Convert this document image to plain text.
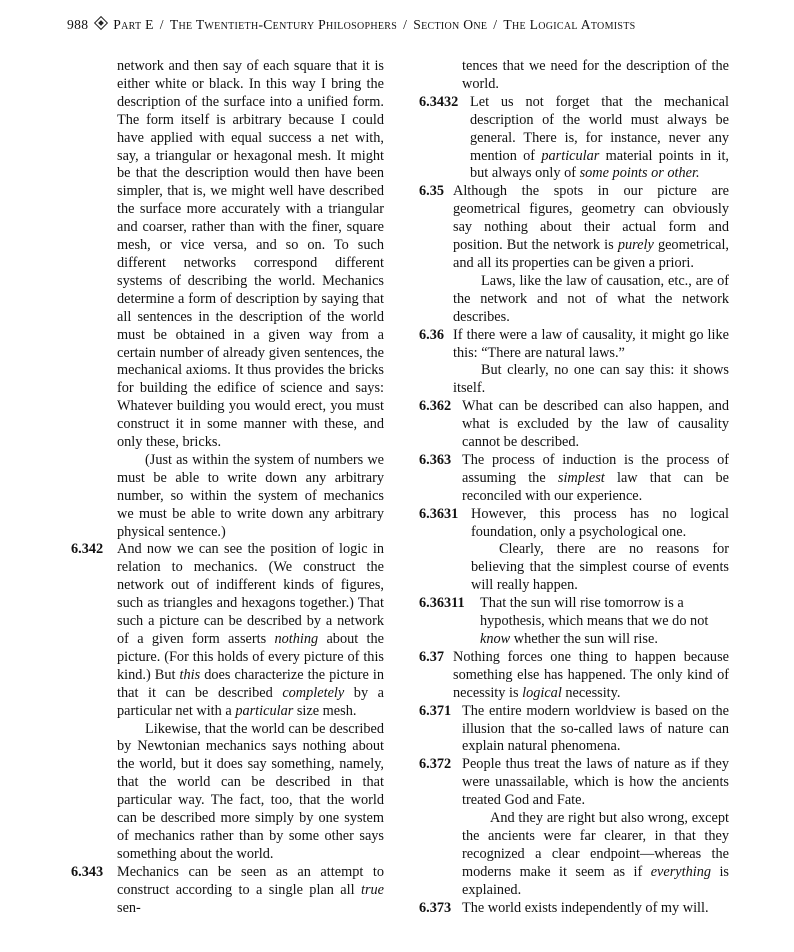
988 Part E / The Twentieth-Century Philosophers / Section One / The Logical Atomists

network and then say of each square that it is either white or black. In this way I bring the description of the surface into a unified form. The form itself is arbitrary because I could have applied with equal success a net with, say, a triangular or hexagonal mesh. It might be that the description would then have been simpler, that is, we might well have described the surface more accurately with a triangular and coarser, rather than with the finer, square mesh, or vice versa, and so on. To such different networks correspond different systems of describing the world. Mechanics determine a form of description by saying that all sentences in the description of the world must be obtained in a given way from a certain number of already given sentences, the mechanical axioms. It thus provides the bricks for building the edifice of science and says: Whatever building you would erect, you must construct it in some manner with these, and only these, bricks.

(Just as within the system of numbers we must be able to write down any arbitrary number, so within the system of mechanics we must be able to write down any arbitrary physical sentence.)

6.342 And now we can see the position of logic in relation to mechanics. (We construct the network out of indifferent kinds of figures, such as triangles and hexagons together.) That such a picture can be described by a network of a given form asserts nothing about the picture. (For this holds of every picture of this kind.) But this does characterize the picture in that it can be described completely by a particular net with a particular size mesh.

Likewise, that the world can be described by Newtonian mechanics says nothing about the world, but it does say something, namely, that the world can be described in that particular way. The fact, too, that the world can be described more simply by one system of mechanics rather than by some other says something about the world.

6.343 Mechanics can be seen as an attempt to construct according to a single plan all true sen-

tences that we need for the description of the world.

6.3432 Let us not forget that the mechanical description of the world must always be general. There is, for instance, never any mention of particular material points in it, but always only of some points or other.

6.35 Although the spots in our picture are geometrical figures, geometry can obviously say nothing about their actual form and position. But the network is purely geometrical, and all its properties can be given a priori.

Laws, like the law of causation, etc., are of the network and not of what the network describes.

6.36 If there were a law of causality, it might go like this: “There are natural laws.”

But clearly, no one can say this: it shows itself.

6.362 What can be described can also happen, and what is excluded by the law of causality cannot be described.

6.363 The process of induction is the process of assuming the simplest law that can be reconciled with our experience.

6.3631 However, this process has no logical foundation, only a psychological one.

Clearly, there are no reasons for believing that the simplest course of events will really happen.

6.36311 That the sun will rise tomorrow is a hypothesis, which means that we do not know whether the sun will rise.

6.37 Nothing forces one thing to happen because something else has happened. The only kind of necessity is logical necessity.

6.371 The entire modern worldview is based on the illusion that the so-called laws of nature can explain natural phenomena.

6.372 People thus treat the laws of nature as if they were unassailable, which is how the ancients treated God and Fate.

And they are right but also wrong, except the ancients were far clearer, in that they recognized a clear endpoint—whereas the moderns make it seem as if everything is explained.

6.373 The world exists independently of my will.
